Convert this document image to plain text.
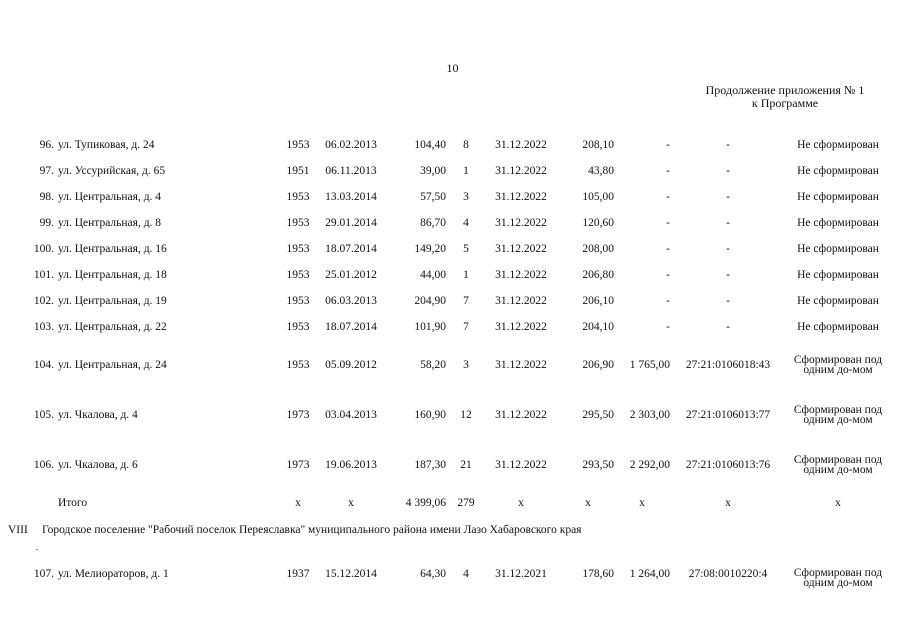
10
Продолжение приложения № 1
к Программе
96.	ул. Тупиковая, д. 24	1953	06.02.2013	104,40	8	31.12.2022	208,10	-	-	Не сформирован
97.	ул. Уссурийская, д. 65	1951	06.11.2013	39,00	1	31.12.2022	43,80	-	-	Не сформирован
98.	ул. Центральная, д. 4	1953	13.03.2014	57,50	3	31.12.2022	105,00	-	-	Не сформирован
99.	ул. Центральная, д. 8	1953	29.01.2014	86,70	4	31.12.2022	120,60	-	-	Не сформирован
100.	ул. Центральная, д. 16	1953	18.07.2014	149,20	5	31.12.2022	208,00	-	-	Не сформирован
101.	ул. Центральная, д. 18	1953	25.01.2012	44,00	1	31.12.2022	206,80	-	-	Не сформирован
102.	ул. Центральная, д. 19	1953	06.03.2013	204,90	7	31.12.2022	206,10	-	-	Не сформирован
103.	ул. Центральная, д. 22	1953	18.07.2014	101,90	7	31.12.2022	204,10	-	-	Не сформирован
104.	ул. Центральная, д. 24	1953	05.09.2012	58,20	3	31.12.2022	206,90	1 765,00	27:21:0106018:43	Сформирован под одним до-мом
105.	ул. Чкалова, д. 4	1973	03.04.2013	160,90	12	31.12.2022	295,50	2 303,00	27:21:0106013:77	Сформирован под одним до-мом
106.	ул. Чкалова, д. 6	1973	19.06.2013	187,30	21	31.12.2022	293,50	2 292,00	27:21:0106013:76	Сформирован под одним до-мом
	Итого	x	x	4 399,06	279	x	x	x	x	x
VIII Городское поселение "Рабочий поселок Переяславка" муниципального района имени Лазо Хабаровского края
.
107.	ул. Мелиораторов, д. 1	1937	15.12.2014	64,30	4	31.12.2021	178,60	1 264,00	27:08:0010220:4	Сформирован под одним до-мом
